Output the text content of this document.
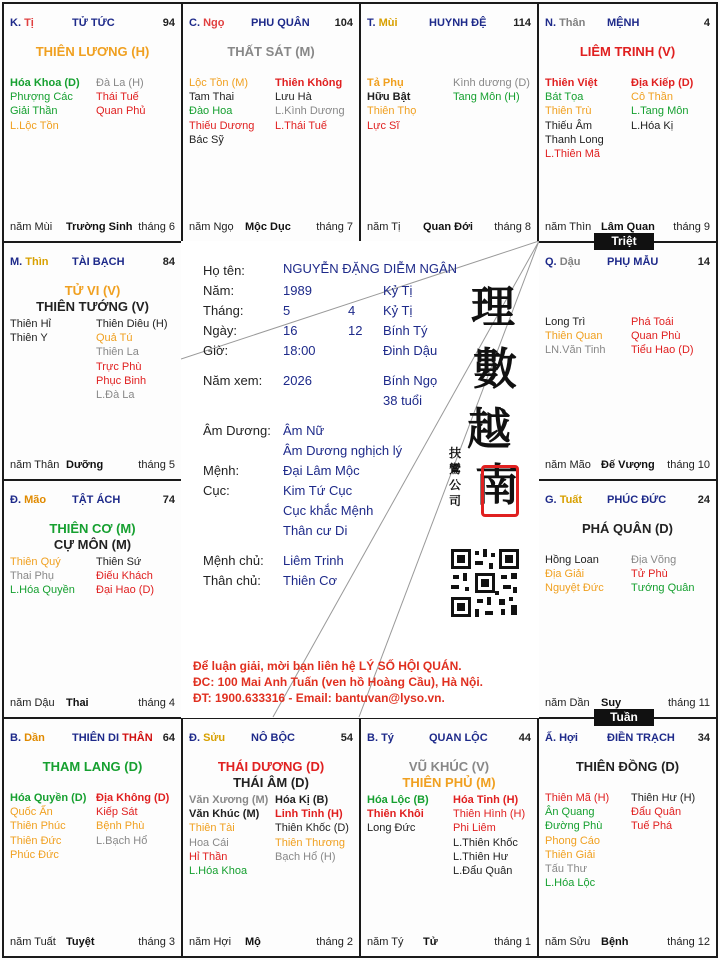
K. Tị	TỬ TỨC	94
THIÊN LƯƠNG (H)
Hóa Khoa (D)
Phượng Các
Giải Thần
L.Lộc Tồn
Đà La (H)
Thái Tuế
Quan Phủ
năm Mùi Trường Sinh tháng 6
C. Ngọ PHU QUÂN 104
THẤT SÁT (M)
Lộc Tồn (M)
Tam Thai
Đào Hoa
Thiếu Dương
Bác Sỹ
Thiên Không
Lưu Hà
L.Kình Dương
L.Thái Tuế
năm Ngọ Mộc Dục tháng 7
T. Mùi	HUYNH ĐỆ 114
Tả Phụ
Hữu Bật
Thiên Thọ
Lực Sĩ
Kình dương (D)
Tang Môn (H)
năm Tị Quan Đới tháng 8
N. Thân MỆNH	4
LIÊM TRINH (V)
Thiên Việt
Bát Tọa
Thiên Trù
Thiếu Âm
Thanh Long
L.Thiên Mã
Địa Kiếp (D)
Cô Thần
L.Tang Môn
L.Hóa Kị
năm Thìn Lâm Quan tháng 9
M. Thìn TÀI BẠCH	84
TỬ VI (V)
THIÊN TƯỚNG (V)
Thiên Hỉ
Thiên Y
Thiên Diêu (H)
Quả Tú
Thiên La
Trực Phù
Phục Binh
L.Đà La
năm Thân Dưỡng	tháng 5
Q. Dậu PHỤ MẪU	14
Long Trì
Thiên Quan
LN.Văn Tinh
Phá Toái
Quan Phù
Tiểu Hao (D)
năm Mão Đế Vượng tháng 10
Đ. Mão TẬT ÁCH	74
THIÊN CƠ (M)
CỰ MÔN (M)
Thiên Quý
Thai Phụ
L.Hóa Quyền
Thiên Sứ
Điếu Khách
Đại Hao (D)
năm Dậu Thai	tháng 4
G. Tuất PHÚC ĐỨC	24
PHÁ QUÂN (D)
Hồng Loan
Địa Giải
Nguyệt Đức
Địa Võng
Tử Phù
Tướng Quân
năm Dần Suy	tháng 11
B. Dần THIÊN DI THÂN 64
THAM LANG (D)
Hóa Quyền (D)
Quốc Ấn
Thiên Phúc
Thiên Đức
Phúc Đức
Địa Không (D)
Kiếp Sát
Bệnh Phù
L.Bạch Hổ
năm Tuất Tuyệt	tháng 3
Đ. Sửu NÔ BỘC	54
THÁI DƯƠNG (D)
THÁI ÂM (D)
Văn Xương (M)
Văn Khúc (M)
Thiên Tài
Hoa Cái
Hỉ Thần
L.Hóa Khoa
Hóa Kị (B)
Linh Tinh (H)
Thiên Khốc (D)
Thiên Thương
Bạch Hổ (H)
năm Hợi Mộ	tháng 2
B. Tý	QUAN LỘC	44
VŨ KHÚC (V)
THIÊN PHỦ (M)
Hóa Lộc (B)
Thiên Khôi
Long Đức
Hóa Tinh (H)
Thiên Hình (H)
Phi Liêm
L.Thiên Khốc
L.Thiên Hư
L.Đẩu Quân
năm Tý Tử	tháng 1
Ấ. Hợi	ĐIỀN TRẠCH 34
THIÊN ĐỒNG (D)
Thiên Mã (H)
Ân Quang
Đường Phù
Phong Cáo
Thiên Giải
Tấu Thư
L.Hóa Lộc
Thiên Hư (H)
Đẩu Quân
Tuế Phá
năm Sửu Bệnh	tháng 12
Họ tên:	NGUYỄN ĐẶNG DIỄM NGÂN
Năm:	1989	Kỷ Tị
Tháng:	5	4 Kỷ Tị
Ngày:	16	12 Bính Tý
Giờ:	18:00	Đinh Dậu
Năm xem: 2026	Bính Ngọ
38 tuổi
Âm Dương: Âm Nữ
Âm Dương nghịch lý
Mệnh:	Đại Lâm Mộc
Cục:	Kim Tứ Cục
Cục khắc Mệnh
Thân cư Di
Mệnh chủ: Liêm Trinh
Thân chủ: Thiên Cơ
理
數
越
南
扶鸞公司
Để luận giải, mời bạn liên hệ LÝ SỐ HỘI QUÁN.
ĐC: 100 Mai Anh Tuấn (ven hồ Hoàng Cầu), Hà Nội.
ĐT: 1900.633316 - Email: bantuvan@lyso.vn.
Triệt
Tuần
